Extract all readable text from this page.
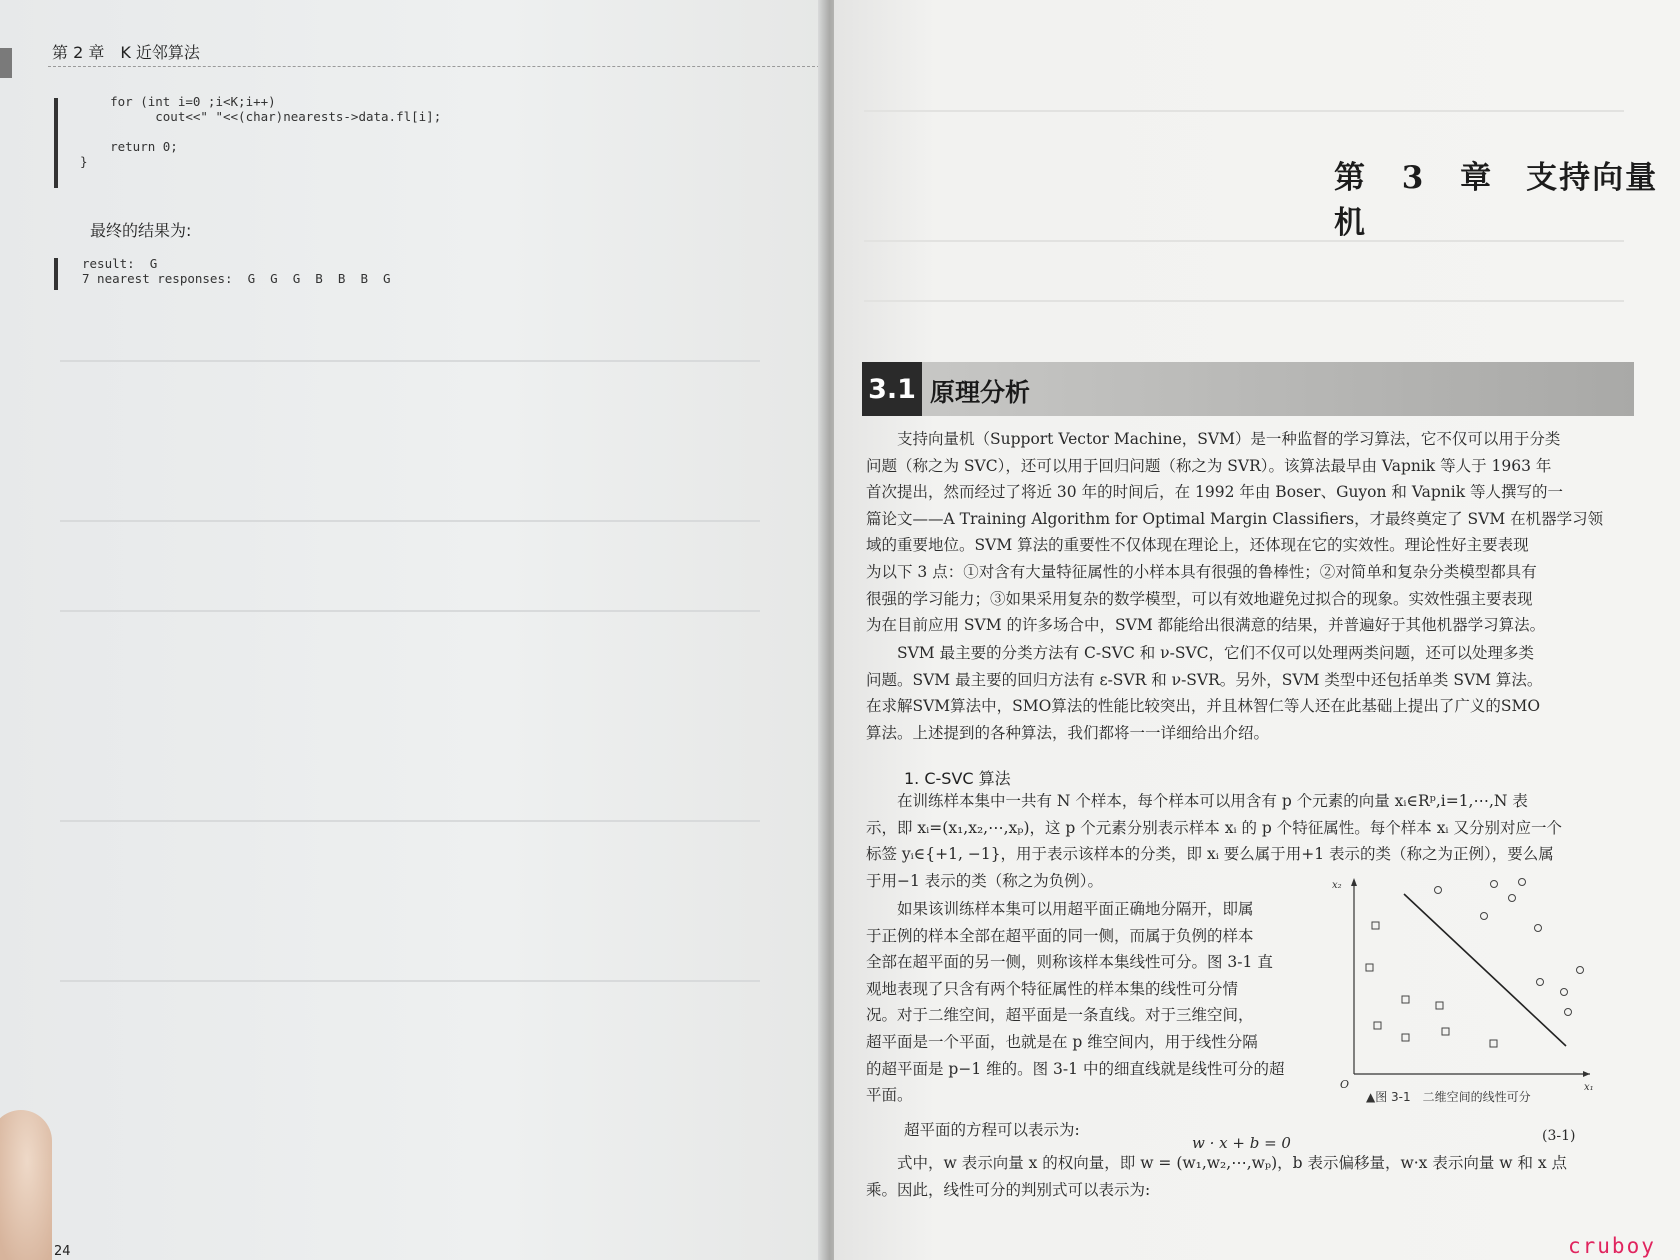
第 2 章　K 近邻算法
for (int i=0 ;i<K;i++)
cout<<" "<<(char)nearests->data.fl[i];

return 0;
}
最终的结果为:
result:  G
7 nearest responses:  G  G  G  B  B  B  G
24
第 3 章　支持向量机
3.1 原理分析
支持向量机（Support Vector Machine，SVM）是一种监督的学习算法，它不仅可以用于分类
问题（称之为 SVC），还可以用于回归问题（称之为 SVR）。该算法最早由 Vapnik 等人于 1963 年
首次提出，然而经过了将近 30 年的时间后，在 1992 年由 Boser、Guyon 和 Vapnik 等人撰写的一
篇论文——A Training Algorithm for Optimal Margin Classifiers，才最终奠定了 SVM 在机器学习领
域的重要地位。SVM 算法的重要性不仅体现在理论上，还体现在它的实效性。理论性好主要表现
为以下 3 点：①对含有大量特征属性的小样本具有很强的鲁棒性；②对简单和复杂分类模型都具有
很强的学习能力；③如果采用复杂的数学模型，可以有效地避免过拟合的现象。实效性强主要表现
为在目前应用 SVM 的许多场合中，SVM 都能给出很满意的结果，并普遍好于其他机器学习算法。
SVM 最主要的分类方法有 C-SVC 和 ν-SVC，它们不仅可以处理两类问题，还可以处理多类
问题。SVM 最主要的回归方法有 ε-SVR 和 ν-SVR。另外，SVM 类型中还包括单类 SVM 算法。
在求解SVM算法中，SMO算法的性能比较突出，并且林智仁等人还在此基础上提出了广义的SMO
算法。上述提到的各种算法，我们都将一一详细给出介绍。
1. C-SVC 算法
在训练样本集中一共有 N 个样本，每个样本可以用含有 p 个元素的向量 xᵢ∈Rᵖ,i=1,⋯,N 表
示，即 xᵢ=(x₁,x₂,⋯,xₚ)，这 p 个元素分别表示样本 xᵢ 的 p 个特征属性。每个样本 xᵢ 又分别对应一个
标签 yᵢ∈{+1, −1}，用于表示该样本的分类，即 xᵢ 要么属于用+1 表示的类（称之为正例），要么属
于用−1 表示的类（称之为负例）。
如果该训练样本集可以用超平面正确地分隔开，即属
于正例的样本全部在超平面的同一侧，而属于负例的样本
全部在超平面的另一侧，则称该样本集线性可分。图 3-1 直
观地表现了只含有两个特征属性的样本集的线性可分情
况。对于二维空间，超平面是一条直线。对于三维空间，
超平面是一个平面，也就是在 p 维空间内，用于线性分隔
的超平面是 p−1 维的。图 3-1 中的细直线就是线性可分的超
平面。	x₁
x₂
O
▲图 3-1　二维空间的线性可分
超平面的方程可以表示为:
w · x + b = 0	(3-1)
式中，w 表示向量 x 的权向量，即 w = (w₁,w₂,⋯,wₚ)，b 表示偏移量，w·x 表示向量 w 和 x 点
乘。因此，线性可分的判别式可以表示为:
cruboy
